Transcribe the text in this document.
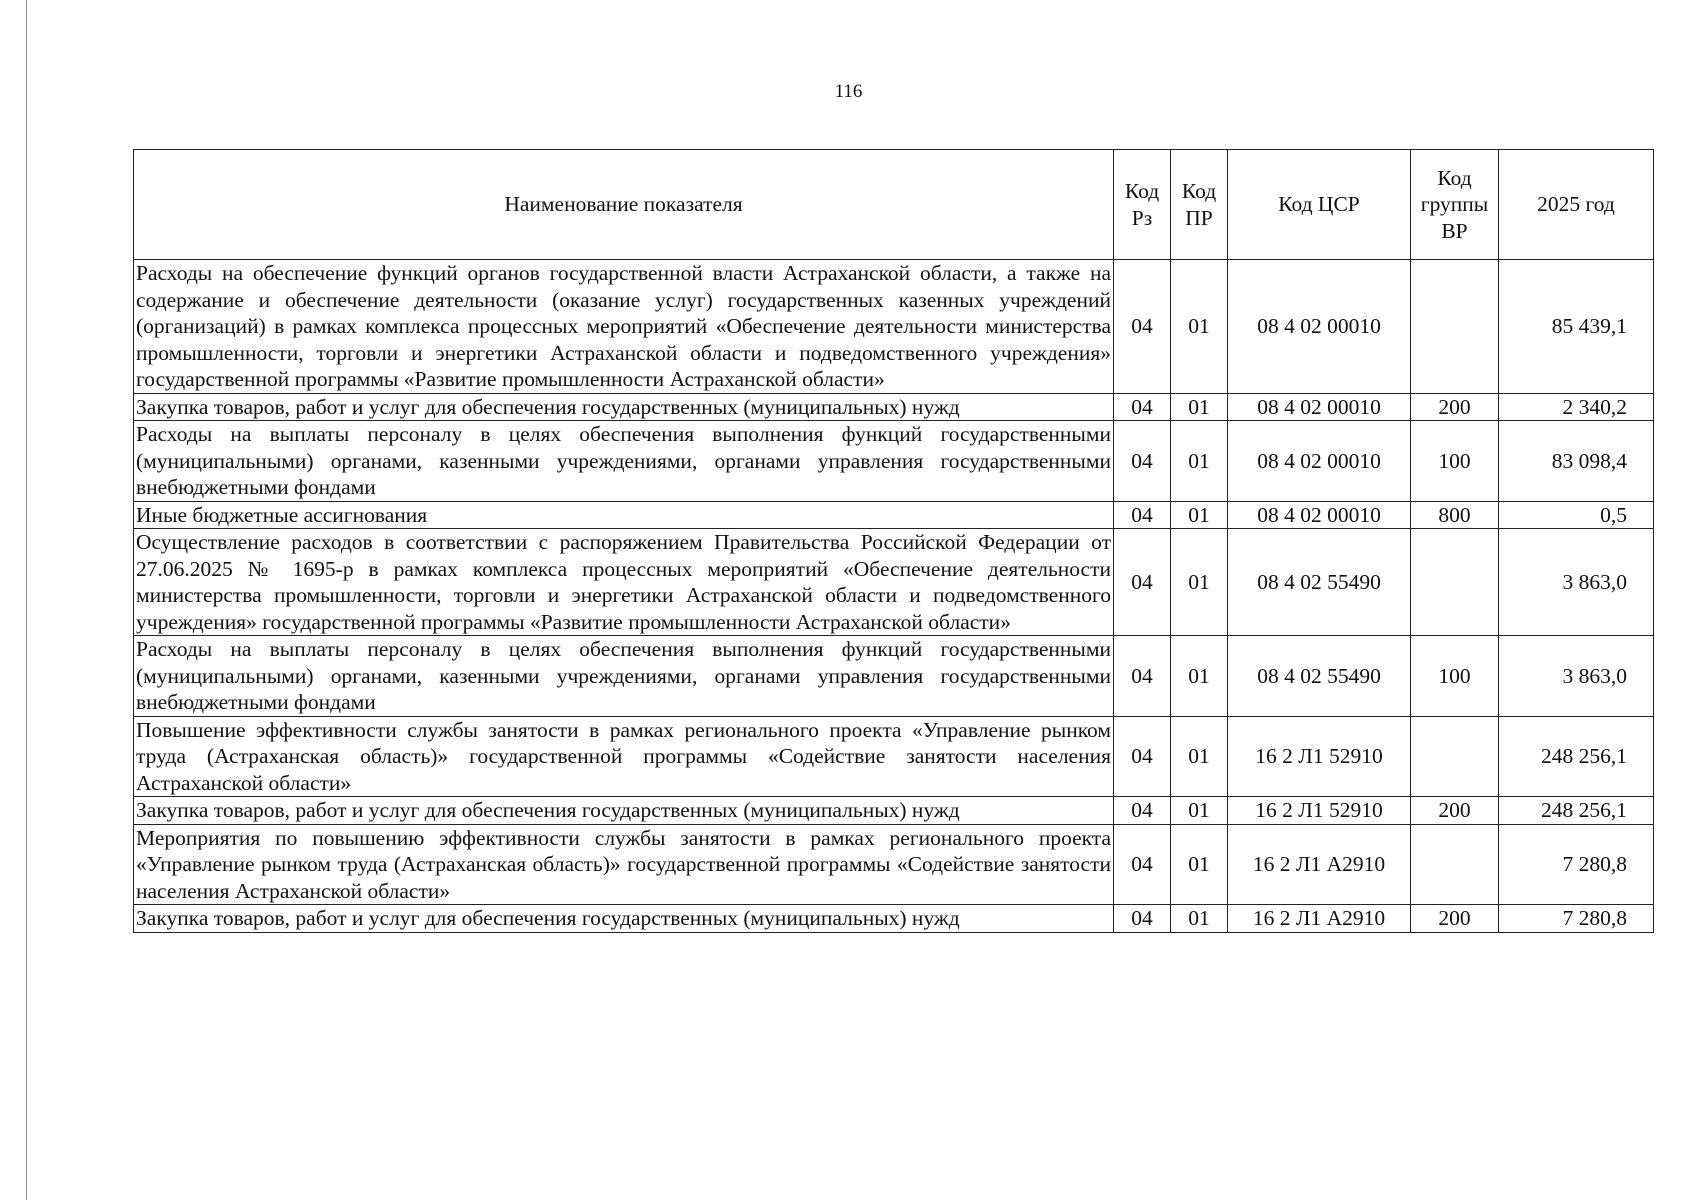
116
Наименование показателя	Код Рз	Код ПР	Код ЦСР	Код группы ВР	2025 год
Расходы на обеспечение функций органов государственной власти Астраханской области, а также на содержание и обеспечение деятельности (оказание услуг) государственных казенных учреждений (организаций) в рамках комплекса процессных мероприятий «Обеспечение деятельности министерства промышленности, торговли и энергетики Астраханской области и подведомственного учреждения» государственной программы «Развитие промышленности Астраханской области»	04	01	08 4 02 00010		85 439,1
Закупка товаров, работ и услуг для обеспечения государственных (муниципальных) нужд	04	01	08 4 02 00010	200	2 340,2
Расходы на выплаты персоналу в целях обеспечения выполнения функций государственными (муниципальными) органами, казенными учреждениями, органами управления государственными внебюджетными фондами	04	01	08 4 02 00010	100	83 098,4
Иные бюджетные ассигнования	04	01	08 4 02 00010	800	0,5
Осуществление расходов в соответствии с распоряжением Правительства Российской Федерации от 27.06.2025 № 1695-р в рамках комплекса процессных мероприятий «Обеспечение деятельности министерства промышленности, торговли и энергетики Астраханской области и подведомственного учреждения» государственной программы «Развитие промышленности Астраханской области»	04	01	08 4 02 55490		3 863,0
Расходы на выплаты персоналу в целях обеспечения выполнения функций государственными (муниципальными) органами, казенными учреждениями, органами управления государственными внебюджетными фондами	04	01	08 4 02 55490	100	3 863,0
Повышение эффективности службы занятости в рамках регионального проекта «Управление рынком труда (Астраханская область)» государственной программы «Содействие занятости населения Астраханской области»	04	01	16 2 Л1 52910		248 256,1
Закупка товаров, работ и услуг для обеспечения государственных (муниципальных) нужд	04	01	16 2 Л1 52910	200	248 256,1
Мероприятия по повышению эффективности службы занятости в рамках регионального проекта «Управление рынком труда (Астраханская область)» государственной программы «Содействие занятости населения Астраханской области»	04	01	16 2 Л1 А2910		7 280,8
Закупка товаров, работ и услуг для обеспечения государственных (муниципальных) нужд	04	01	16 2 Л1 А2910	200	7 280,8
